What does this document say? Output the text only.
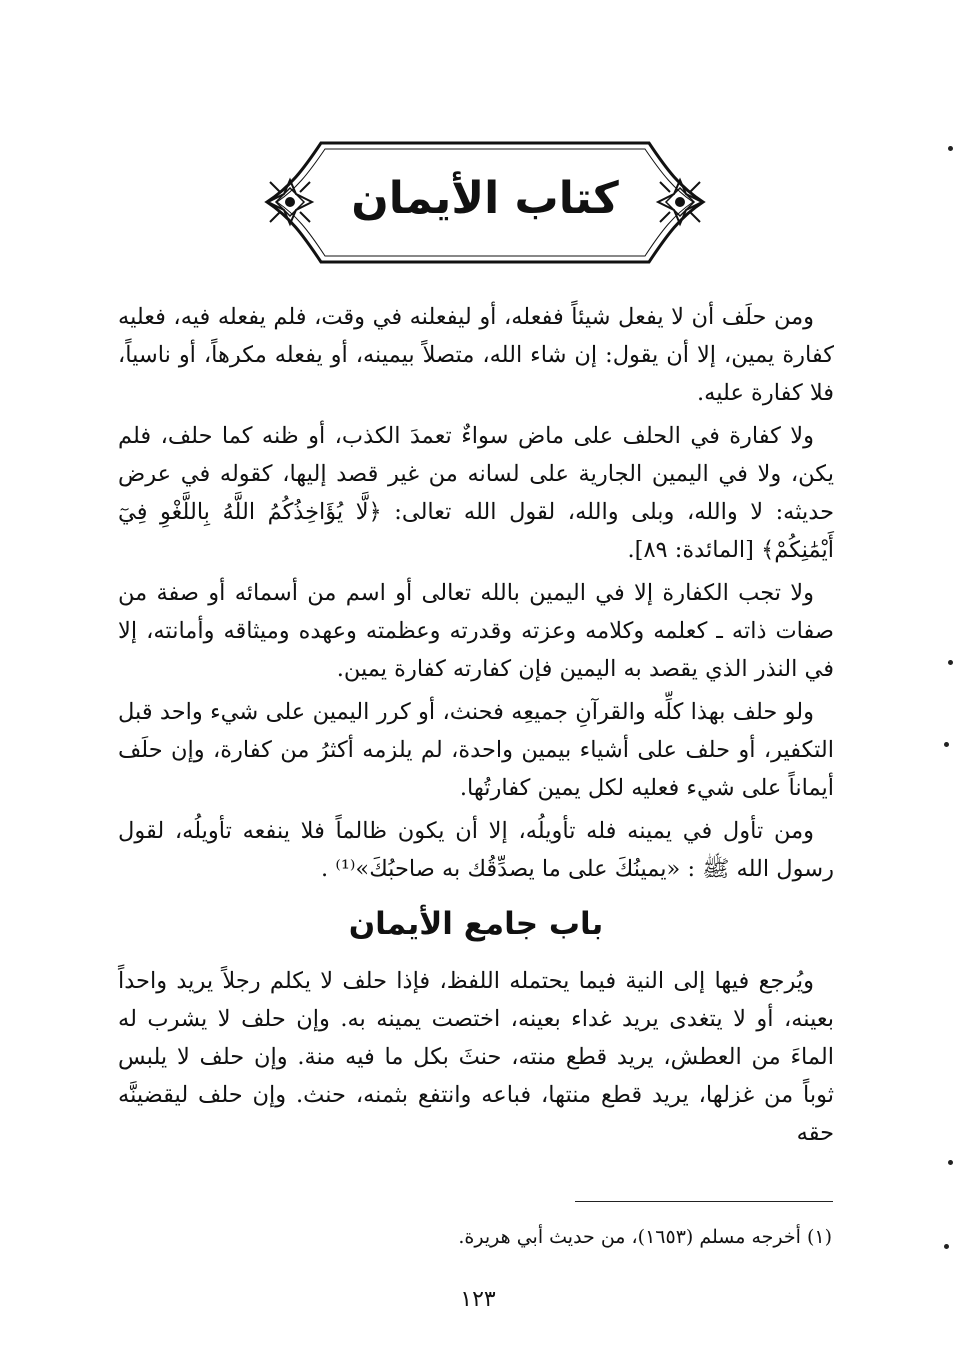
كتاب الأيمان

ومن حلَف أن لا يفعل شيئاً ففعله، أو ليفعلنه في وقت، فلم يفعله فيه، فعليه كفارة يمين، إلا أن يقول: إن شاء الله، متصلاً بيمينه، أو يفعله مكرهاً، أو ناسياً، فلا كفارة عليه.

ولا كفارة في الحلف على ماض سواءٌ تعمدَ الكذب، أو ظنه كما حلف، فلم يكن، ولا في اليمين الجارية على لسانه من غير قصد إليها، كقوله في عرض حديثه: لا والله، وبلى والله، لقول الله تعالى: ﴿لَّا يُؤَاخِذُكُمُ اللَّهُ بِاللَّغْوِ فِيٓ أَيْمَٰنِكُمْ﴾ [المائدة: ٨٩].

ولا تجب الكفارة إلا في اليمين بالله تعالى أو اسم من أسمائه أو صفة من صفات ذاته ـ كعلمه وكلامه وعزته وقدرته وعظمته وعهده وميثاقه وأمانته، إلا في النذر الذي يقصد به اليمين فإن كفارته كفارة يمين.

ولو حلف بهذا كلِّه والقرآنِ جميعِه فحنث، أو كرر اليمين على شيء واحد قبل التكفير، أو حلف على أشياء بيمين واحدة، لم يلزمه أكثرُ من كفارة، وإن حلَف أيماناً على شيء فعليه لكل يمين كفارتُها.

ومن تأول في يمينه فله تأويلُه، إلا أن يكون ظالماً فلا ينفعه تأويلُه، لقول رسول الله ﷺ : «يمينُكَ على ما يصدِّقُك به صاحبُكَ»⁽¹⁾ .

باب جامع الأيمان

ويُرجع فيها إلى النية فيما يحتمله اللفظ، فإذا حلف لا يكلم رجلاً يريد واحداً بعينه، أو لا يتغدى يريد غداء بعينه، اختصت يمينه به. وإن حلف لا يشرب له الماءَ من العطش، يريد قطع منته، حنثَ بكل ما فيه منة. وإن حلف لا يلبس ثوباً من غزلها، يريد قطع منتها، فباعه وانتفع بثمنه، حنث. وإن حلف ليقضينَّه حقه

(١) أخرجه مسلم (١٦٥٣)، من حديث أبي هريرة.
١٢٣
